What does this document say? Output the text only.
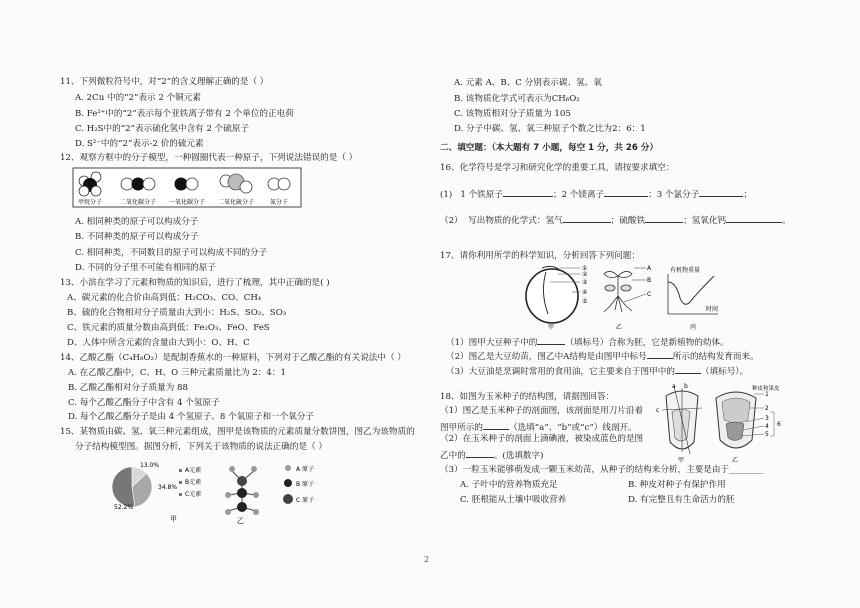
11、下列微粒符号中，对“2”的含义理解正确的是（ ）
A. 2Cu 中的“2”表示 2 个铜元素
B. Fe²⁺中的“2”表示每个亚铁离子带有 2 个单位的正电荷
C. H₂S中的“2”表示硫化氢中含有 2 个硫原子
D. S²⁻中的“2”表示-2 价的硫元素
12、观察方框中的分子模型，一种圆圈代表一种原子，下列说法错误的是（ ）
甲烷分子	二氧化碳分子 一氧化碳分子 二氧化硫分子	氮分子
A. 相同种类的原子可以构成分子
B. 不同种类的原子可以构成分子
C. 相同种类，不同数目的原子可以构成不同的分子
D. 不同的分子里不可能有相同的原子
13、小滨在学习了元素和物质的知识后，进行了梳理，其中正确的是( )
A、碳元素的化合价由高到低：H₂CO₃、CO、CH₄
B、硫的化合物相对分子质量由大到小：H₂S、SO₂、SO₃
C、铁元素的质量分数由高到低：Fe₂O₃、FeO、FeS
D、人体中所含元素的含量由大到小：O、H、C
14、乙酸乙酯（C₄H₈O₂）是配制香蕉水的一种原料，下列对于乙酸乙酯的有关说法中（ ）
A. 在乙酸乙酯中，C、H、O 三种元素质量比为 2：4：1
B. 乙酸乙酯相对分子质量为 88
C. 每个乙酸乙酯分子中含有 4 个氢原子
D. 每个乙酸乙酯分子是由 4 个氢原子、8 个氧原子和一个氧分子
15、某物质由碳、氢、氧三种元素组成，图甲是该物质的元素质量分数饼图，图乙为该物质的
分子结构模型图。据图分析，下列关于该物质的说法正确的是（ ）
13.0%
34.8%
52.2%
A元素
B元素
C元素
甲
A 原子
B 原子
C 原子
乙
A. 元素 A、B、C 分别表示碳、氢、氧
B. 该物质化学式可表示为CH₆O₂
C. 该物质相对分子质量为 105
D. 分子中碳、氢、氧三种原子个数之比为2：6：1
二、填空题：（本大题有 7 小题，每空 1 分，共 26 分）
16、化学符号是学习和研究化学的重要工具，请按要求填空：
(1) 1 个铁原子	；2 个镁离子	；3 个氯分子	；
（2） 写出物质的化学式：氢气	；硫酸铁	；氢氧化钙	。
17、请你利用所学的科学知识，分析回答下列问题：
①
②
③
④
⑤
甲
A
B
C
乙
有机物重量
时间
丙
（1）图甲大豆种子中的	（填标号）合称为胚，它是新植物的幼体。
（2）图乙是大豆幼苗，图乙中A结构是由图甲中标号	所示的结构发育而来。
（3）大豆油是烹调时常用的食用油，它主要来自于图甲中的	（填标号）。
18、如图为玉米种子的结构图，请据图回答：
（1）图乙是玉米种子的剖面图，该剖面是用刀片沿着
图甲所示的	（选填“a”、“b”或“c”）线剖开。
（2）在玉米种子的剖面上滴碘液，被染成蓝色的是图
乙中的	。(选填数字)
a b
c
甲
种皮和果皮
1
2
3
4
5
6
乙
（3）一粒玉米能够萌发成一颗玉米幼苗，从种子的结构来分析，主要是由于________
A. 子叶中的营养物质充足	B. 种皮对种子有保护作用
C. 胚根能从土壤中吸收营养	D. 有完整且有生命活力的胚
2
